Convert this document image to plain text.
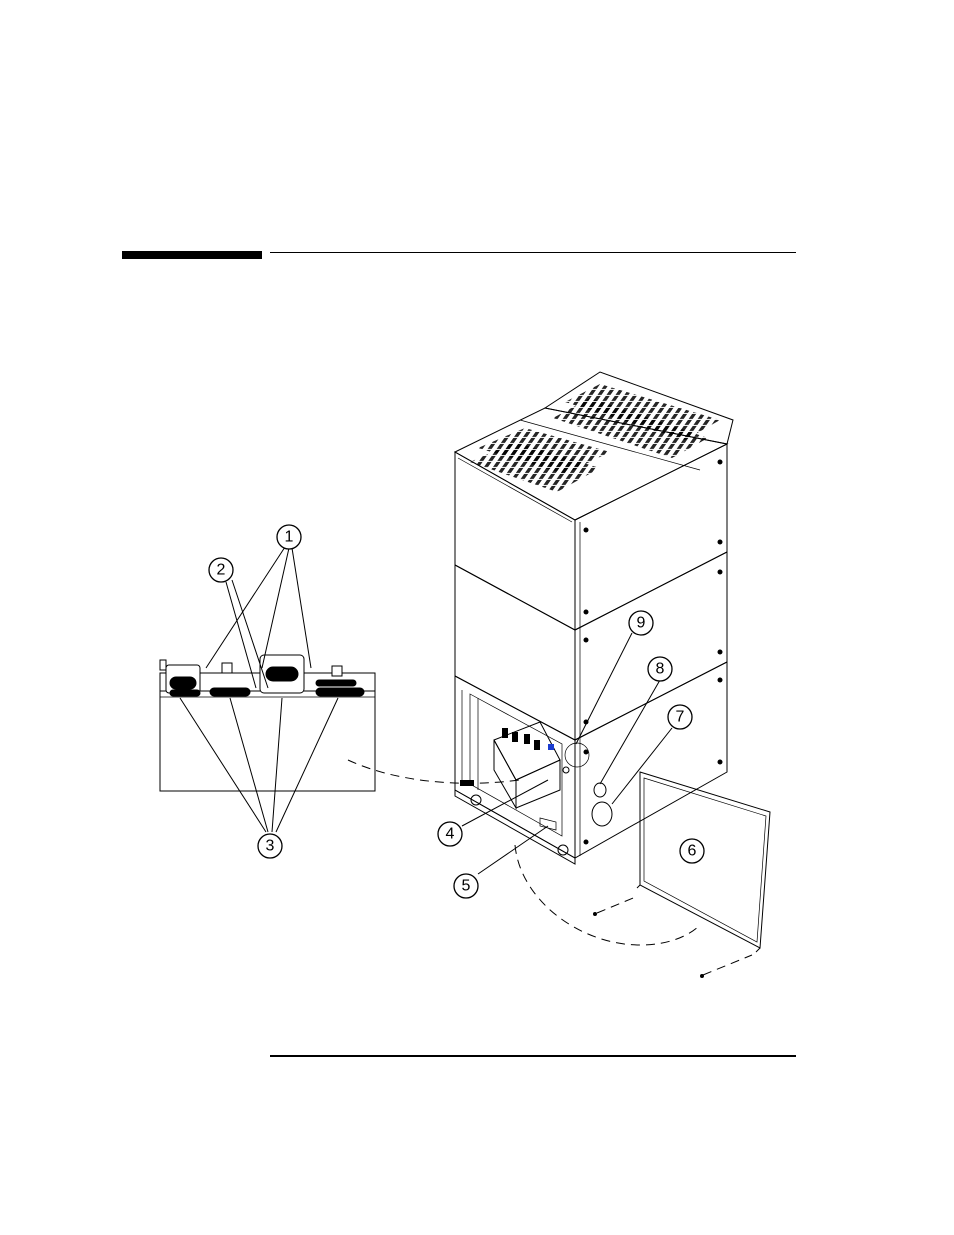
1
2
3
4
5
6
7
8
9
